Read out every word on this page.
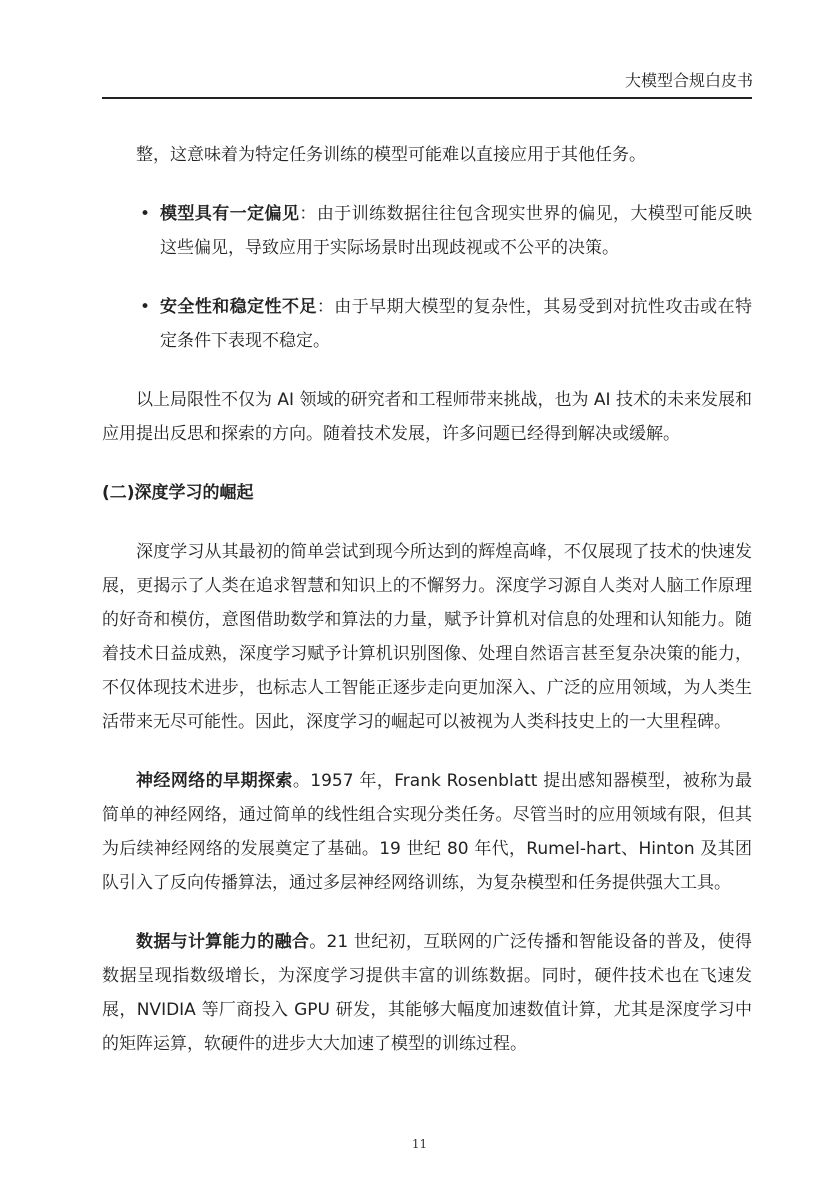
大模型合规白皮书

整，这意味着为特定任务训练的模型可能难以直接应用于其他任务。

• 模型具有一定偏见：由于训练数据往往包含现实世界的偏见，大模型可能反映这些偏见，导致应用于实际场景时出现歧视或不公平的决策。

• 安全性和稳定性不足：由于早期大模型的复杂性，其易受到对抗性攻击或在特定条件下表现不稳定。

以上局限性不仅为 AI 领域的研究者和工程师带来挑战，也为 AI 技术的未来发展和应用提出反思和探索的方向。随着技术发展，许多问题已经得到解决或缓解。

(二)深度学习的崛起

深度学习从其最初的简单尝试到现今所达到的辉煌高峰，不仅展现了技术的快速发展，更揭示了人类在追求智慧和知识上的不懈努力。深度学习源自人类对人脑工作原理的好奇和模仿，意图借助数学和算法的力量，赋予计算机对信息的处理和认知能力。随着技术日益成熟，深度学习赋予计算机识别图像、处理自然语言甚至复杂决策的能力，不仅体现技术进步，也标志人工智能正逐步走向更加深入、广泛的应用领域，为人类生活带来无尽可能性。因此，深度学习的崛起可以被视为人类科技史上的一大里程碑。

神经网络的早期探索。1957 年，Frank Rosenblatt 提出感知器模型，被称为最简单的神经网络，通过简单的线性组合实现分类任务。尽管当时的应用领域有限，但其为后续神经网络的发展奠定了基础。19 世纪 80 年代，Rumel-hart、Hinton 及其团队引入了反向传播算法，通过多层神经网络训练，为复杂模型和任务提供强大工具。

数据与计算能力的融合。21 世纪初，互联网的广泛传播和智能设备的普及，使得数据呈现指数级增长，为深度学习提供丰富的训练数据。同时，硬件技术也在飞速发展，NVIDIA 等厂商投入 GPU 研发，其能够大幅度加速数值计算，尤其是深度学习中的矩阵运算，软硬件的进步大大加速了模型的训练过程。

11
